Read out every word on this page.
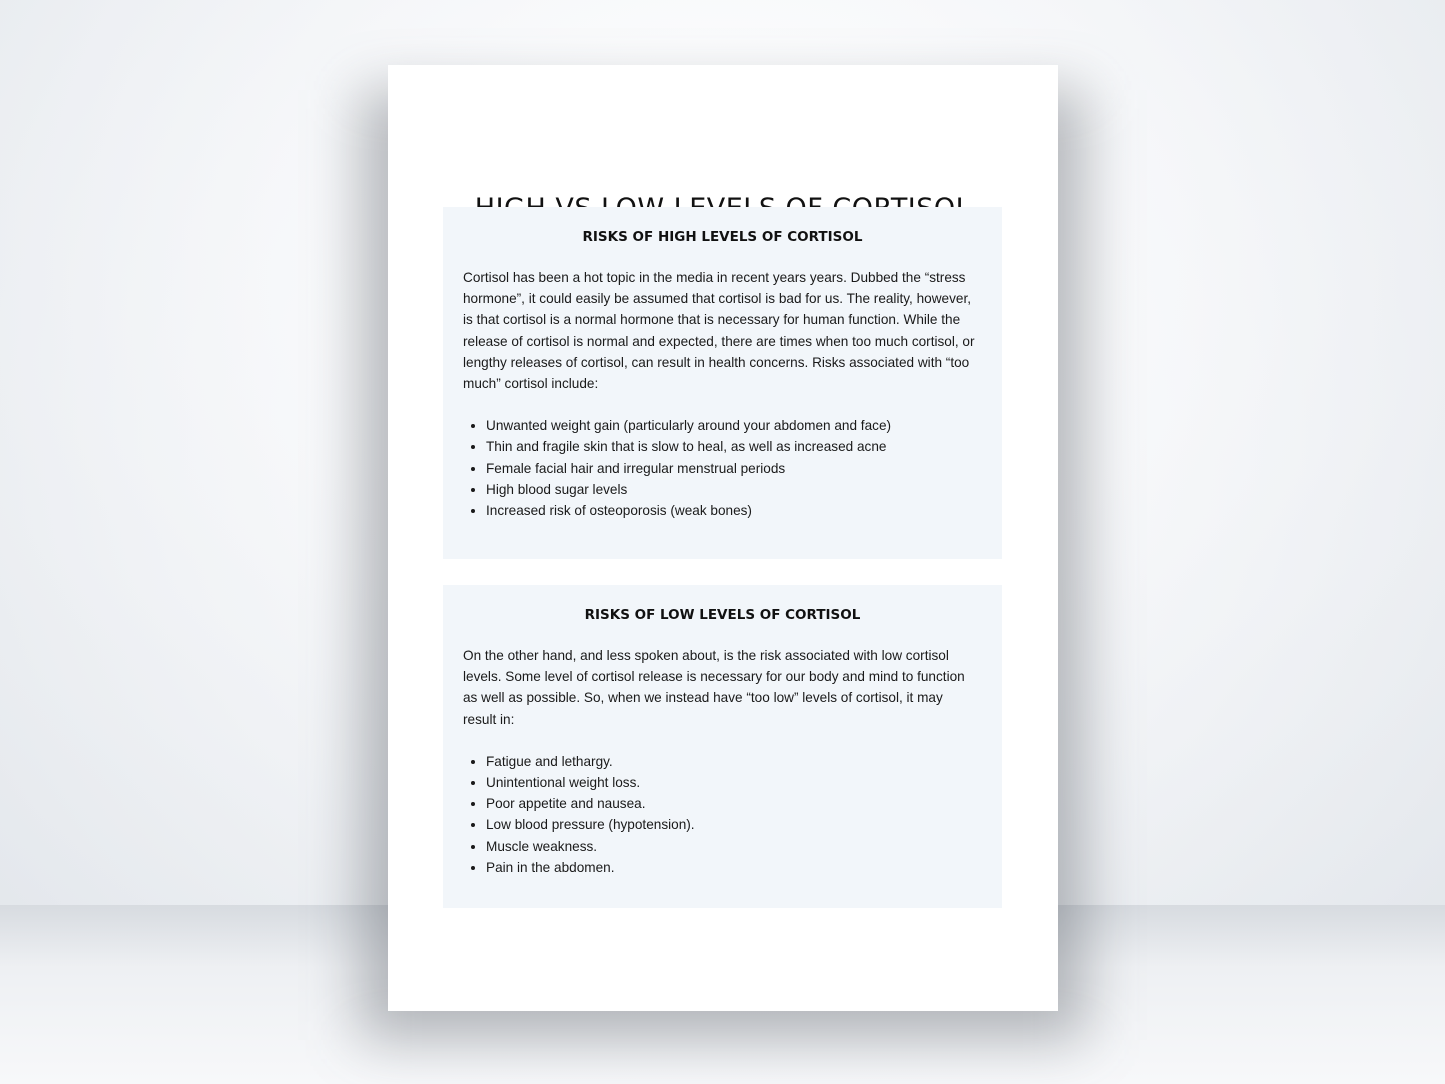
RISKS OF HIGH LEVELS OF CORTISOL

Cortisol has been a hot topic in the media in recent years years. Dubbed the “stress hormone”, it could easily be assumed that cortisol is bad for us. The reality, however, is that cortisol is a normal hormone that is necessary for human function. While the release of cortisol is normal and expected, there are times when too much cortisol, or lengthy releases of cortisol, can result in health concerns. Risks associated with “too much” cortisol include:

• Unwanted weight gain (particularly around your abdomen and face)
• Thin and fragile skin that is slow to heal, as well as increased acne
• Female facial hair and irregular menstrual periods
• High blood sugar levels
• Increased risk of osteoporosis (weak bones)
RISKS OF LOW LEVELS OF CORTISOL

On the other hand, and less spoken about, is the risk associated with low cortisol levels. Some level of cortisol release is necessary for our body and mind to function as well as possible. So, when we instead have “too low” levels of cortisol, it may result in:

• Fatigue and lethargy.
• Unintentional weight loss.
• Poor appetite and nausea.
• Low blood pressure (hypotension).
• Muscle weakness.
• Pain in the abdomen.
